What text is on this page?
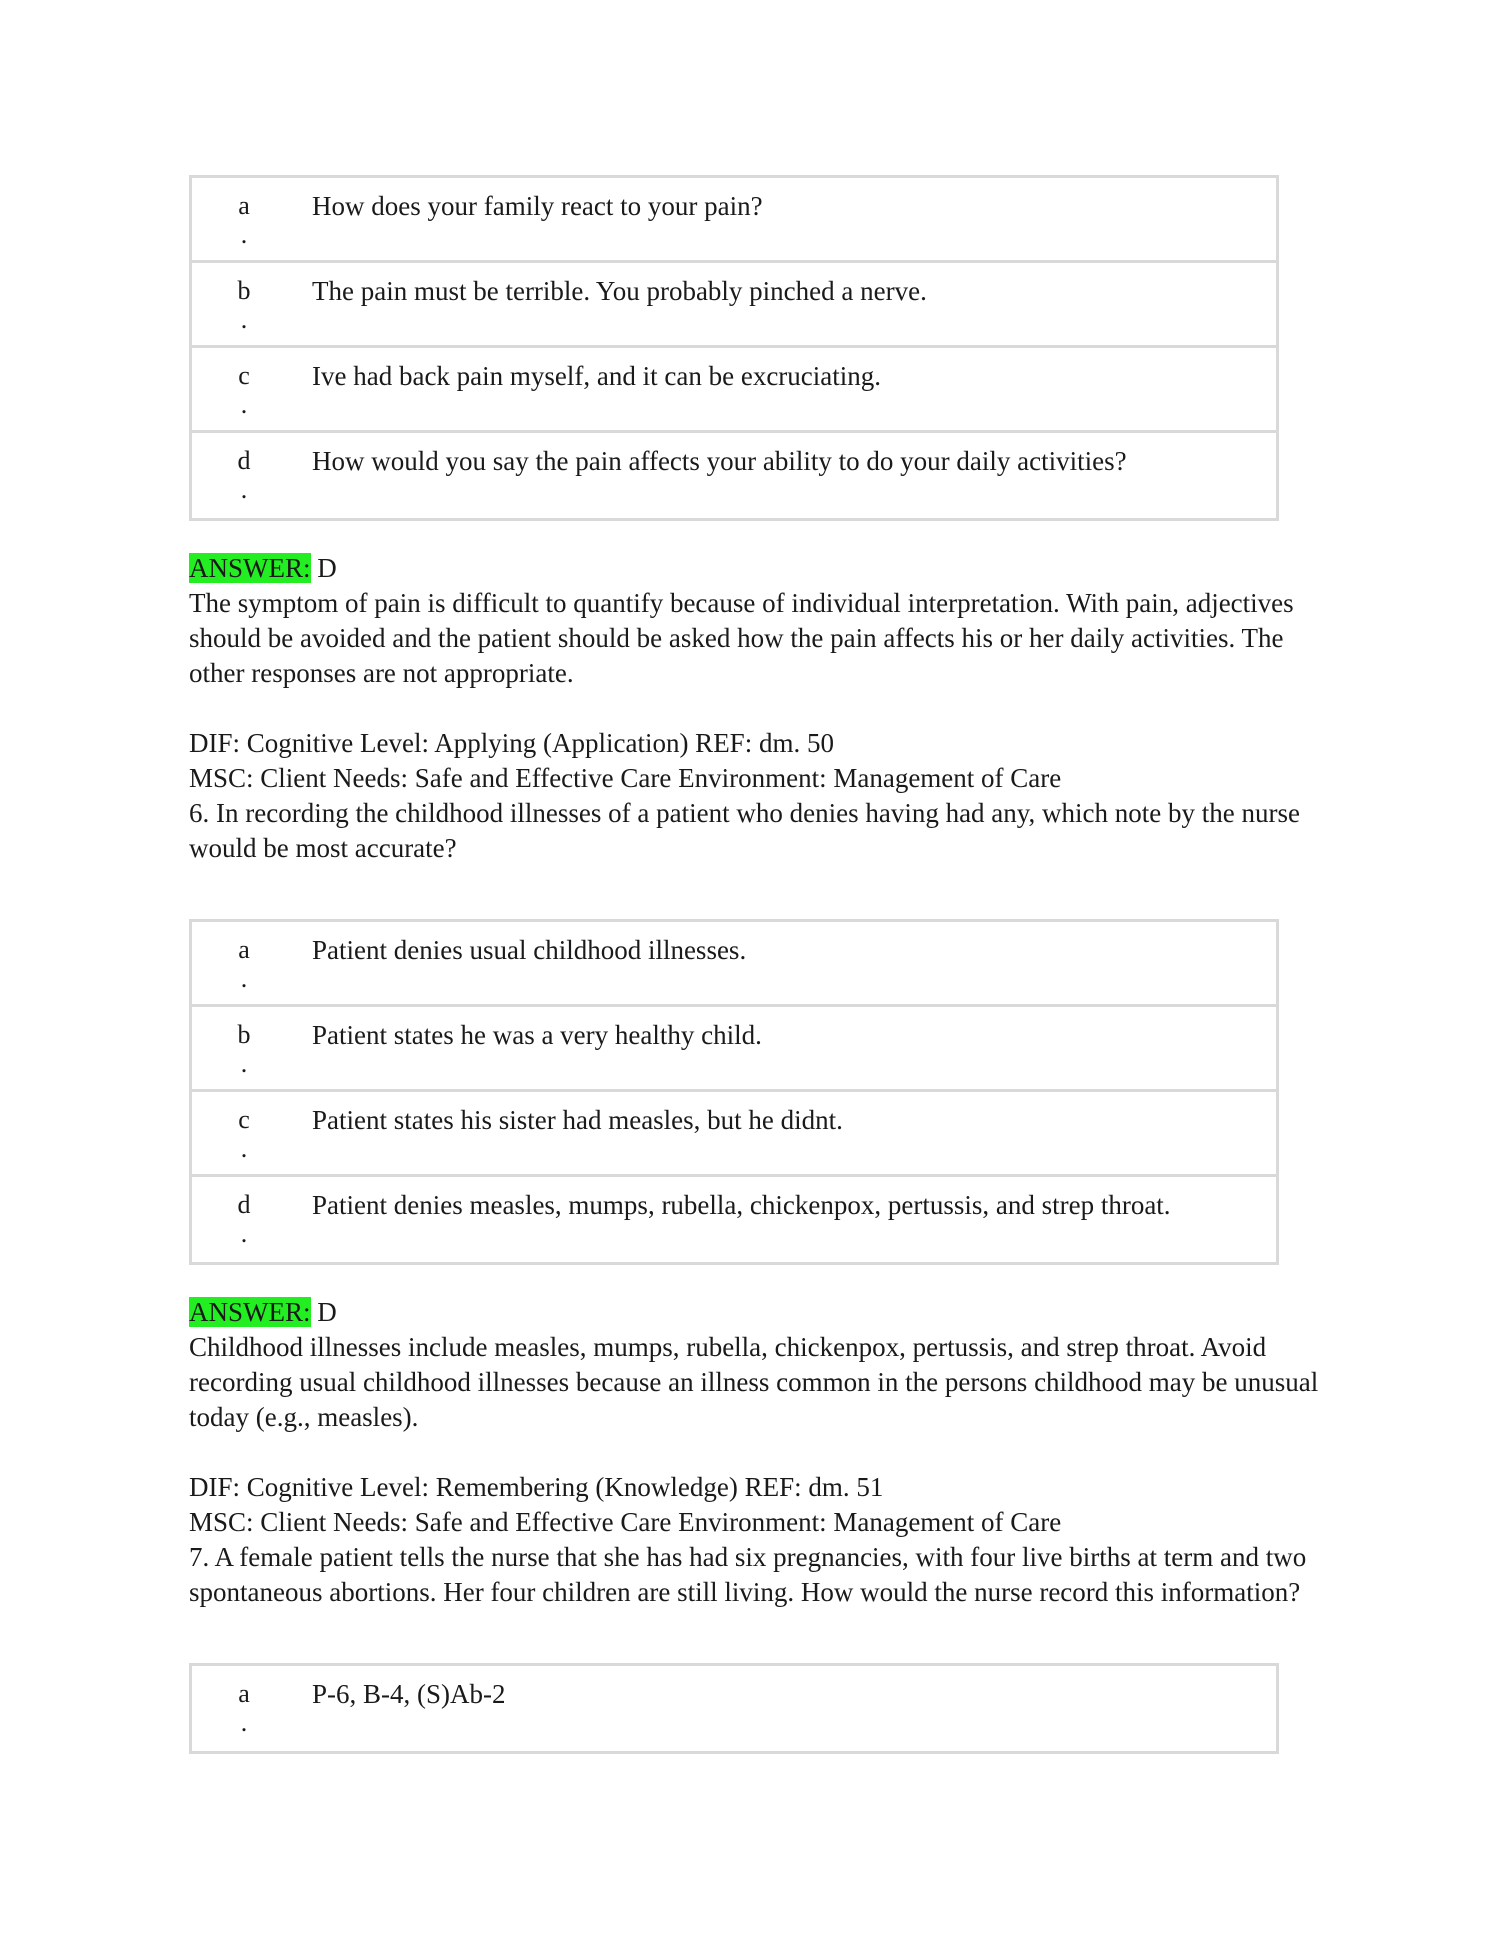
a
.
How does your family react to your pain?
b
.
The pain must be terrible. You probably pinched a nerve.
c
.
Ive had back pain myself, and it can be excruciating.
d
.
How would you say the pain affects your ability to do your daily activities?
ANSWER: D

The symptom of pain is difficult to quantify because of individual interpretation. With pain, adjectives should be avoided and the patient should be asked how the pain affects his or her daily activities. The other responses are not appropriate.

DIF: Cognitive Level: Applying (Application) REF: dm. 50

MSC: Client Needs: Safe and Effective Care Environment: Management of Care

6. In recording the childhood illnesses of a patient who denies having had any, which note by the nurse would be most accurate?

a
.
Patient denies usual childhood illnesses.
b
.
Patient states he was a very healthy child.
c
.
Patient states his sister had measles, but he didnt.
d
.
Patient denies measles, mumps, rubella, chickenpox, pertussis, and strep throat.
ANSWER: D

Childhood illnesses include measles, mumps, rubella, chickenpox, pertussis, and strep throat. Avoid recording usual childhood illnesses because an illness common in the persons childhood may be unusual today (e.g., measles).

DIF: Cognitive Level: Remembering (Knowledge) REF: dm. 51

MSC: Client Needs: Safe and Effective Care Environment: Management of Care

7. A female patient tells the nurse that she has had six pregnancies, with four live births at term and two spontaneous abortions. Her four children are still living. How would the nurse record this information?

a
.
P-6, B-4, (S)Ab-2
